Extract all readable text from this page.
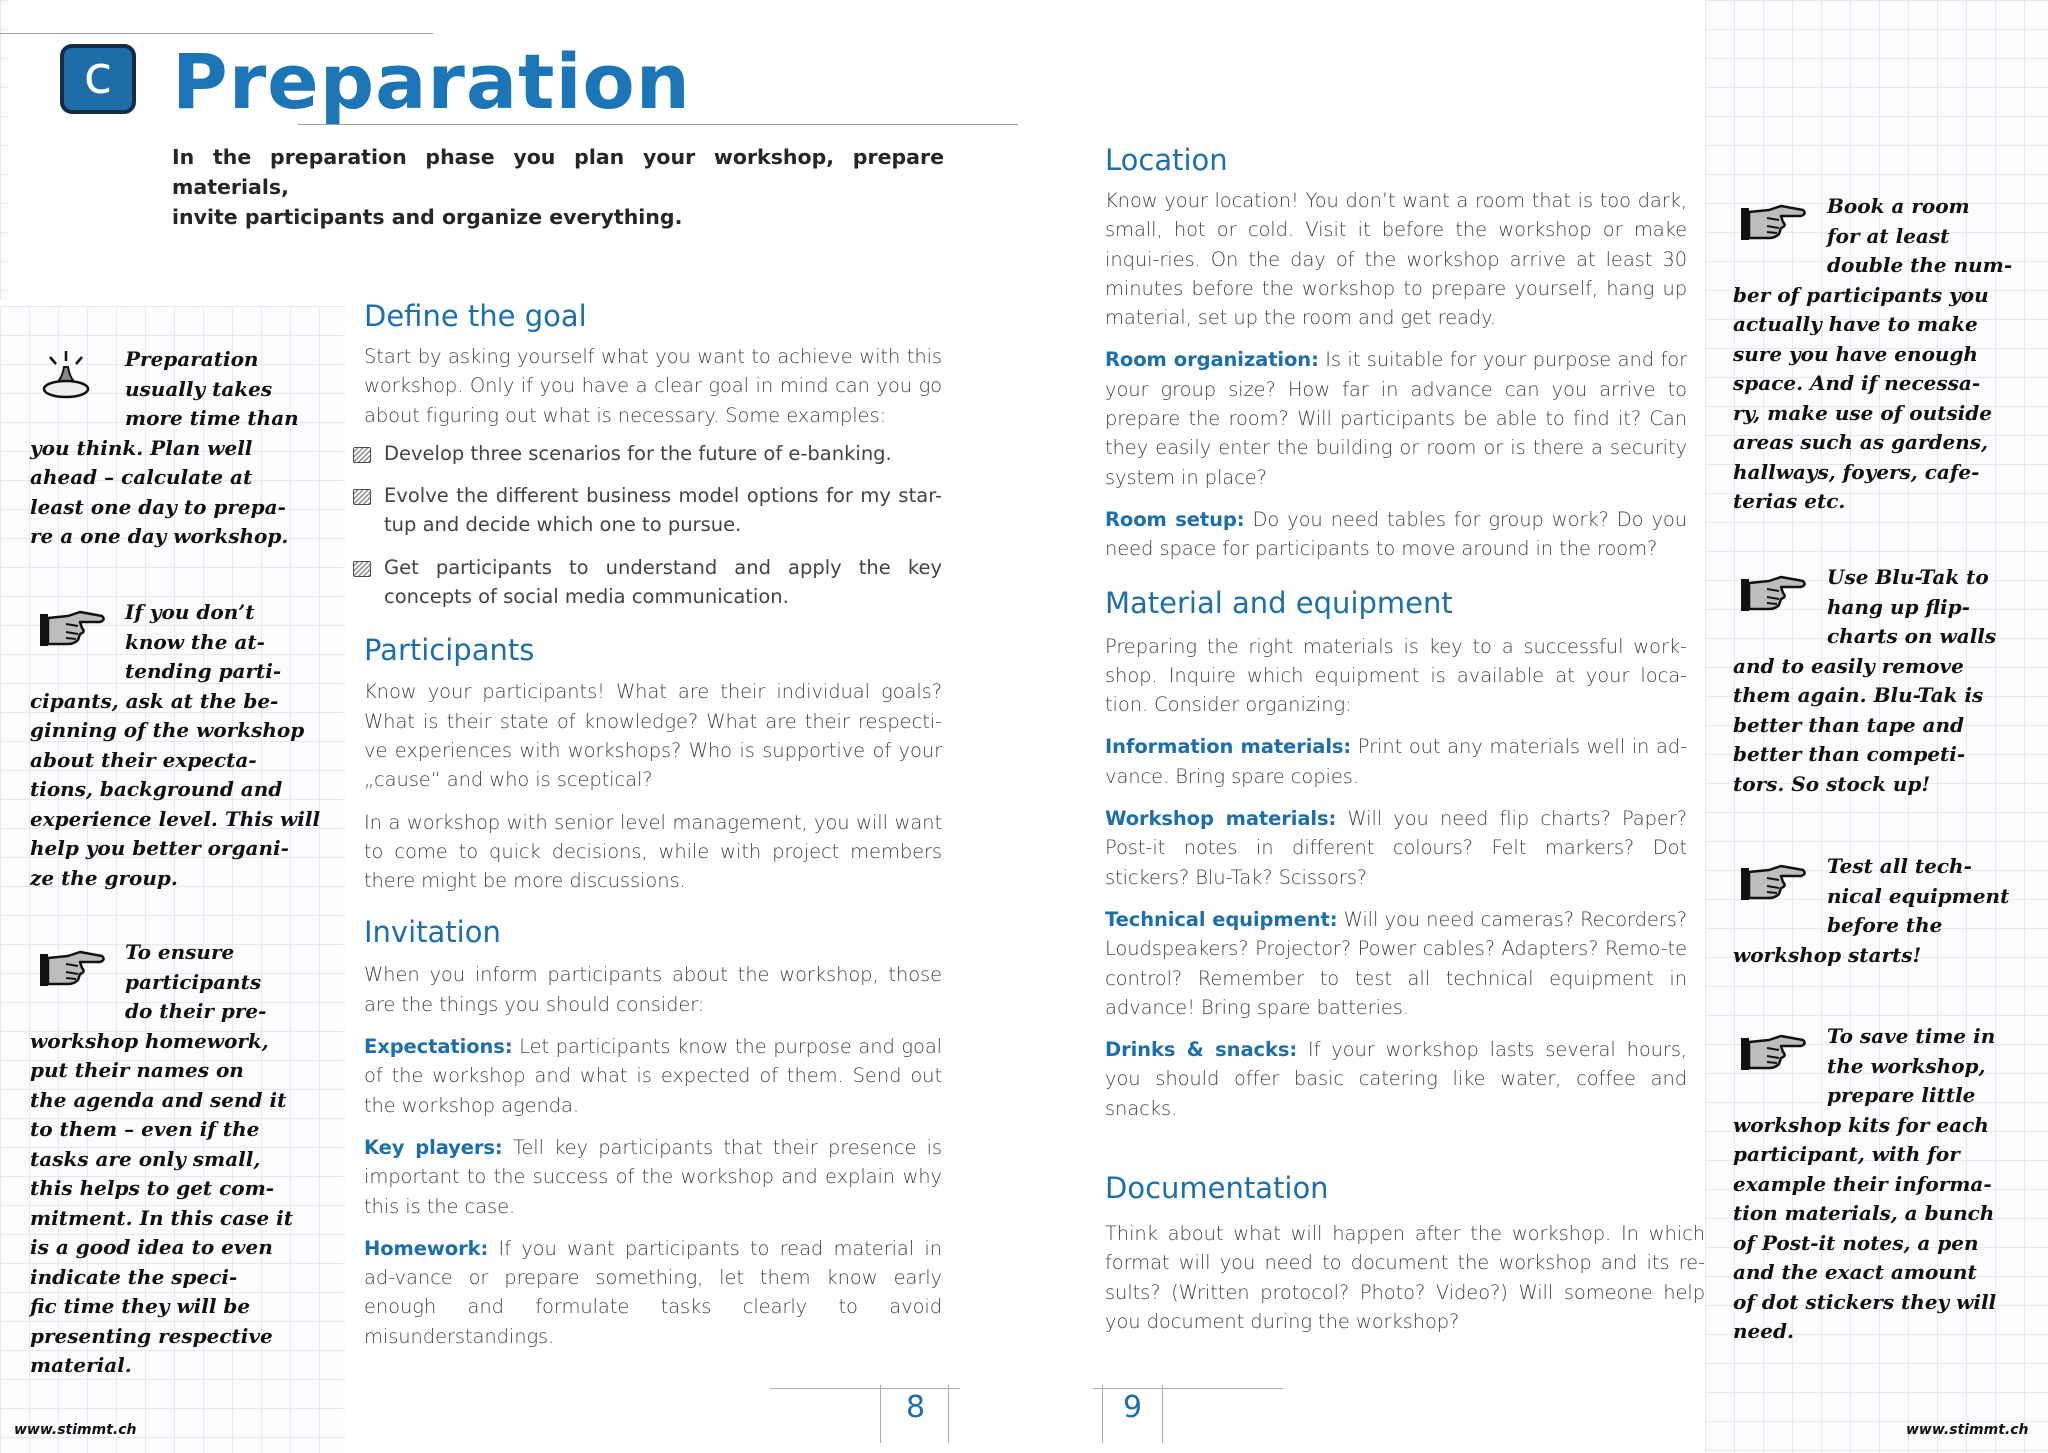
c Preparation
In the preparation phase you plan your workshop, prepare materials,
invite participants and organize everything.
Define the goal

Start by asking yourself what you want to achieve with this workshop. Only if you have a clear goal in mind can you go about figuring out what is necessary. Some examples:

Develop three scenarios for the future of e-banking.
Evolve the different business model options for my star-tup and decide which one to pursue.
Get participants to understand and apply the key concepts of social media communication.
Participants

Know your participants! What are their individual goals? What is their state of knowledge? What are their respecti-ve experiences with workshops? Who is supportive of your „cause“ and who is sceptical?

In a workshop with senior level management, you will want to come to quick decisions, while with project members there might be more discussions.

Invitation

When you inform participants about the workshop, those are the things you should consider:

Expectations: Let participants know the purpose and goal of the workshop and what is expected of them. Send out the workshop agenda.

Key players: Tell key participants that their presence is important to the success of the workshop and explain why this is the case.

Homework: If you want participants to read material in ad-vance or prepare something, let them know early enough and formulate tasks clearly to avoid misunderstandings.

Location

Know your location! You don’t want a room that is too dark, small, hot or cold. Visit it before the workshop or make inqui-ries. On the day of the workshop arrive at least 30 minutes before the workshop to prepare yourself, hang up material, set up the room and get ready.

Room organization: Is it suitable for your purpose and for your group size? How far in advance can you arrive to prepare the room? Will participants be able to find it? Can they easily enter the building or room or is there a security system in place?

Room setup: Do you need tables for group work? Do you need space for participants to move around in the room?

Material and equipment

Preparing the right materials is key to a successful work-shop. Inquire which equipment is available at your loca-tion. Consider organizing:

Information materials: Print out any materials well in ad-vance. Bring spare copies.

Workshop materials: Will you need flip charts? Paper? Post-it notes in different colours? Felt markers? Dot stickers? Blu-Tak? Scissors?

Technical equipment: Will you need cameras? Recorders? Loudspeakers? Projector? Power cables? Adapters? Remo-te control? Remember to test all technical equipment in advance! Bring spare batteries.

Drinks & snacks: If your workshop lasts several hours, you should offer basic catering like water, coffee and snacks.

Documentation

Think about what will happen after the workshop. In which format will you need to document the workshop and its re-sults? (Written protocol? Photo? Video?) Will someone help you document during the workshop?

Preparation
usually takes
more time than
you think. Plan well
ahead – calculate at
least one day to prepa-
re a one day workshop.
If you don’t
know the at-
tending parti-
cipants, ask at the be-
ginning of the workshop
about their expecta-
tions, background and
experience level. This will
help you better organi-
ze the group.
To ensure
participants
do their pre-
workshop homework,
put their names on
the agenda and send it
to them – even if the
tasks are only small,
this helps to get com-
mitment. In this case it
is a good idea to even
indicate the speci-
fic time they will be
presenting respective
material.
Book a room
for at least
double the num-
ber of participants you
actually have to make
sure you have enough
space. And if necessa-
ry, make use of outside
areas such as gardens,
hallways, foyers, cafe-
terias etc.
Use Blu-Tak to
hang up flip-
charts on walls
and to easily remove
them again. Blu-Tak is
better than tape and
better than competi-
tors. So stock up!
Test all tech-
nical equipment
before the
workshop starts!
To save time in
the workshop,
prepare little
workshop kits for each
participant, with for
example their informa-
tion materials, a bunch
of Post-it notes, a pen
and the exact amount
of dot stickers they will
need.
8	9
www.stimmt.ch	www.stimmt.ch
